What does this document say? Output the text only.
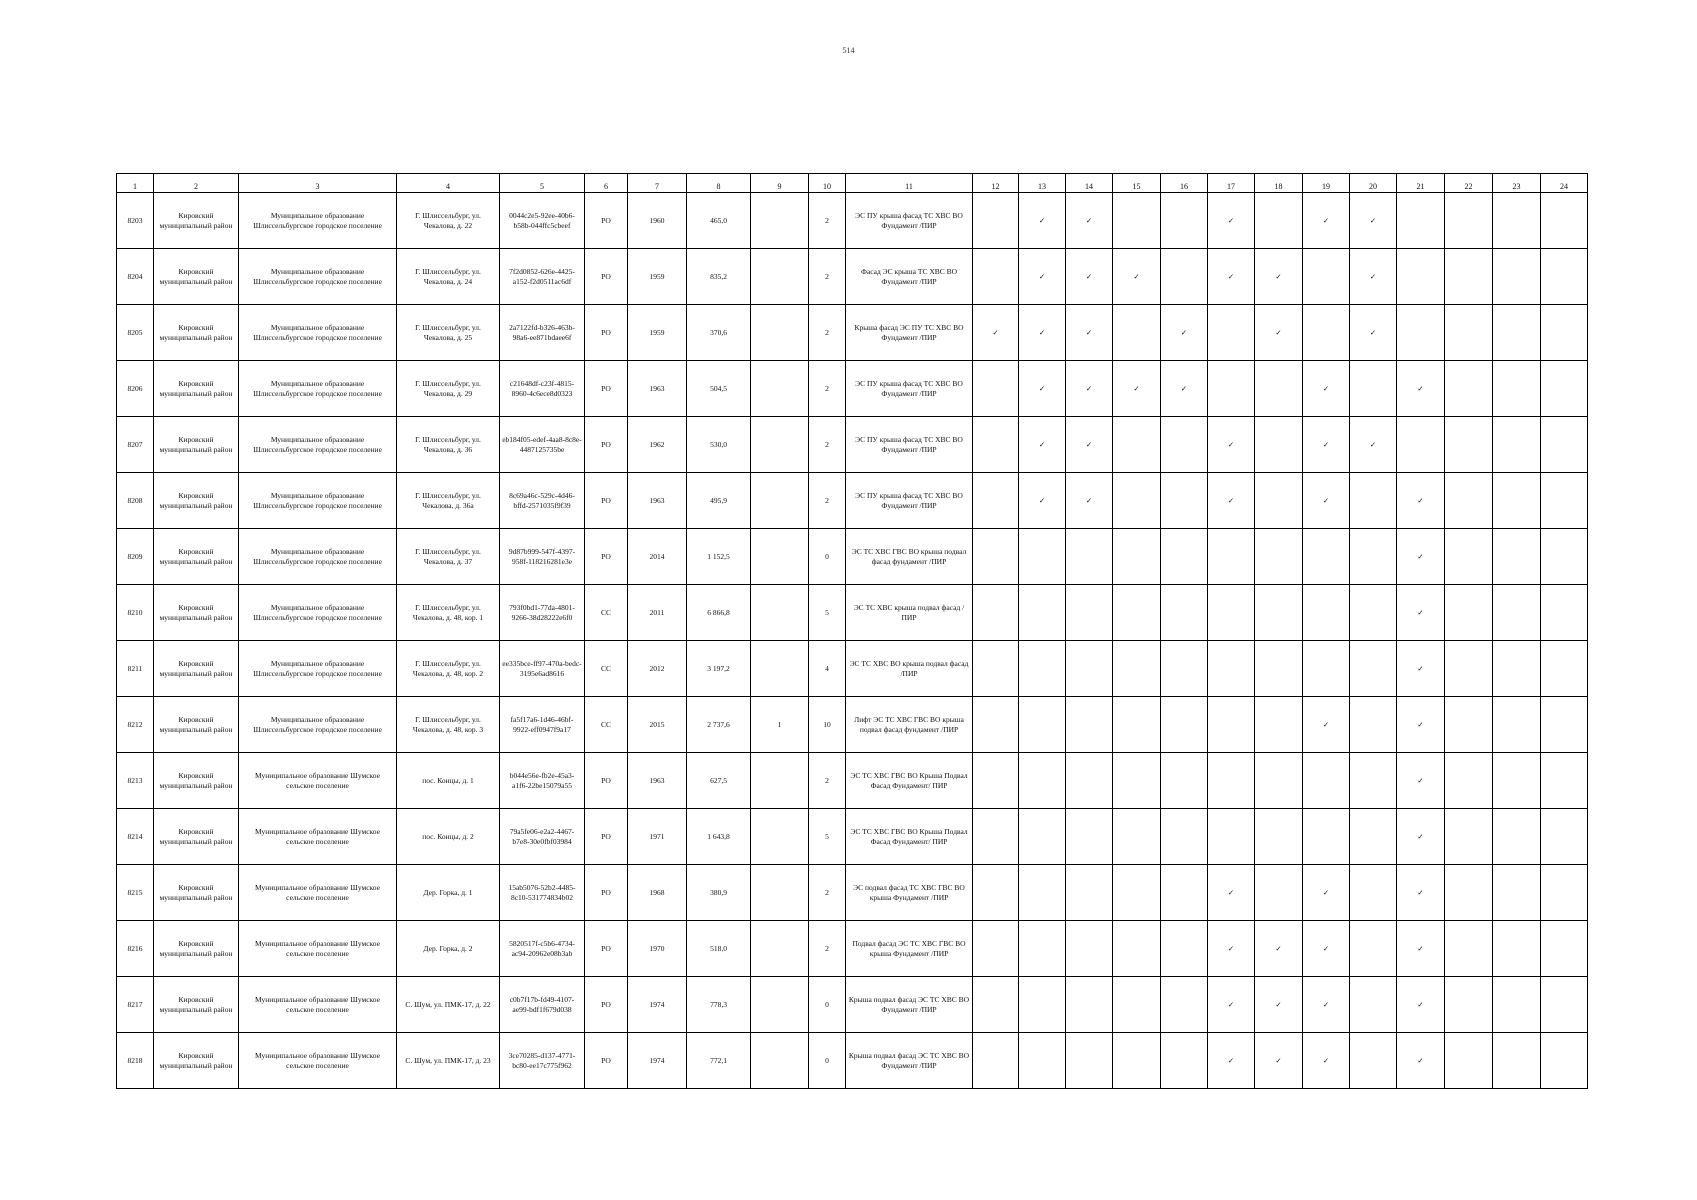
514
1	2	3	4	5	6	7	8	9	10	11	12	13	14	15	16	17	18	19	20	21	22	23	24
8203	Кировский муниципальный район	Муниципальное образование Шлиссельбургское городское поселение	Г. Шлиссельбург, ул. Чекалова, д. 22	0044c2e5-92ee-40b6-b58b-044ffc5cbeef	РО	1960	465,0		2	ЭС ПУ крыша фасад ТС ХВС ВО Фундамент /ПИР		✓	✓			✓		✓	✓				
8204	Кировский муниципальный район	Муниципальное образование Шлиссельбургское городское поселение	Г. Шлиссельбург, ул. Чекалова, д. 24	7f2d0852-626e-4425-a152-f2d0511ac6df	РО	1959	835,2		2	Фасад ЭС крыша ТС ХВС ВО Фундамент /ПИР		✓	✓	✓		✓	✓		✓				
8205	Кировский муниципальный район	Муниципальное образование Шлиссельбургское городское поселение	Г. Шлиссельбург, ул. Чекалова, д. 25	2a7122fd-b326-463b-98a6-ee871bdaee6f	РО	1959	370,6		2	Крыша фасад ЭС ПУ ТС ХВС ВО Фундамент /ПИР	✓	✓	✓		✓		✓		✓				
8206	Кировский муниципальный район	Муниципальное образование Шлиссельбургское городское поселение	Г. Шлиссельбург, ул. Чекалова, д. 29	c21648df-c23f-4815-8960-4c6ece8d0323	РО	1963	504,5		2	ЭС ПУ крыша фасад ТС ХВС ВО Фундамент /ПИР		✓	✓	✓	✓			✓		✓			
8207	Кировский муниципальный район	Муниципальное образование Шлиссельбургское городское поселение	Г. Шлиссельбург, ул. Чекалова, д. 36	eb184f05-edef-4aa8-8c8e-4487125735be	РО	1962	530,0		2	ЭС ПУ крыша фасад ТС ХВС ВО Фундамент /ПИР		✓	✓			✓		✓	✓				
8208	Кировский муниципальный район	Муниципальное образование Шлиссельбургское городское поселение	Г. Шлиссельбург, ул. Чекалова, д. 36а	8c69a46c-529c-4d46-bffd-2571035f9f39	РО	1963	495,9		2	ЭС ПУ крыша фасад ТС ХВС ВО Фундамент /ПИР		✓	✓			✓		✓		✓			
8209	Кировский муниципальный район	Муниципальное образование Шлиссельбургское городское поселение	Г. Шлиссельбург, ул. Чекалова, д. 37	9d87b999-547f-4397-958f-118216281e3e	РО	2014	1 152,5		0	ЭС ТС ХВС ГВС ВО крыша подвал фасад фундамент /ПИР										✓			
8210	Кировский муниципальный район	Муниципальное образование Шлиссельбургское городское поселение	Г. Шлиссельбург, ул. Чекалова, д. 48, кор. 1	793f0bd1-77da-4801-9266-38d28222e6f0	СС	2011	6 866,8		5	ЭС ТС ХВС крыша подвал фасад /ПИР										✓			
8211	Кировский муниципальный район	Муниципальное образование Шлиссельбургское городское поселение	Г. Шлиссельбург, ул. Чекалова, д. 48, кор. 2	ee335bce-ff97-470a-bedc-3195e6ad8616	СС	2012	3 197,2		4	ЭС ТС ХВС ВО крыша подвал фасад /ПИР										✓			
8212	Кировский муниципальный район	Муниципальное образование Шлиссельбургское городское поселение	Г. Шлиссельбург, ул. Чекалова, д. 48, кор. 3	fa5f17a6-1d46-46bf-9922-eff0947f9a17	СС	2015	2 737,6	1	10	Лифт ЭС ТС ХВС ГВС ВО крыша подвал фасад фундамент /ПИР								✓		✓			
8213	Кировский муниципальный район	Муниципальное образование Шумское сельское поселение	пос. Концы, д. 1	b044e56e-fb2e-45a3-a1f6-22be15079a55	РО	1963	627,5		2	ЭС ТС ХВС ГВС ВО Крыша Подвал Фасад Фундамент/ ПИР										✓			
8214	Кировский муниципальный район	Муниципальное образование Шумское сельское поселение	пос. Концы, д. 2	79a5fe06-e2a2-4467-b7e8-30e0fbf03984	РО	1971	1 643,8		5	ЭС ТС ХВС ГВС ВО Крыша Подвал Фасад Фундамент/ ПИР										✓			
8215	Кировский муниципальный район	Муниципальное образование Шумское сельское поселение	Дер. Горка, д. 1	15ab5076-52b2-4485-8c10-531774834b02	РО	1968	380,9		2	ЭС подвал фасад ТС ХВС ГВС ВО крыша Фундамент /ПИР						✓		✓		✓			
8216	Кировский муниципальный район	Муниципальное образование Шумское сельское поселение	Дер. Горка, д. 2	5820517f-c5b6-4734-ac94-20962e08b3ab	РО	1970	518,0		2	Подвал фасад ЭС ТС ХВС ГВС ВО крыша Фундамент /ПИР						✓	✓	✓		✓			
8217	Кировский муниципальный район	Муниципальное образование Шумское сельское поселение	С. Шум, ул. ПМК-17, д. 22	c0b7f17b-fd49-4107-ae99-bdf1f679d038	РО	1974	778,3		0	Крыша подвал фасад ЭС ТС ХВС ВО Фундамент /ПИР						✓	✓	✓		✓			
8218	Кировский муниципальный район	Муниципальное образование Шумское сельское поселение	С. Шум, ул. ПМК-17, д. 23	3ce70285-d137-4771-bc80-ee17c775f962	РО	1974	772,1		0	Крыша подвал фасад ЭС ТС ХВС ВО Фундамент /ПИР						✓	✓	✓		✓			
